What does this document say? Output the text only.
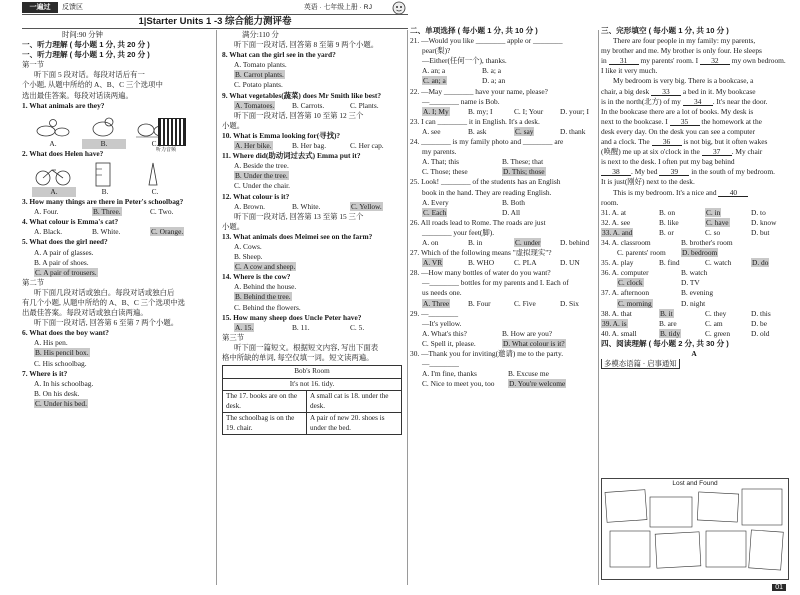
一遍过	反馈区	英语 · 七年级上册 · RJ
1|Starter Units 1 -3 综合能力测评卷
时间:90 分钟
一、听力理解 ( 每小题 1 分, 共 20 分 )
一、听力理解 ( 每小题 1 分, 共 20 分 )
第一节
听下面 5 段对话。每段对话后有一
个小题, 从题中所给的 A、B、C 三个选项中
选出最佳答案。每段对话读两遍。
1. What animals are they?
A.	B.	C.
2. What does Helen have?
A.	B.	C.
3. How many things are there in Peter's schoolbag?
A. Four.	B. Three.	C. Two.
4. What colour is Emma's cat?
A. Black.	B. White.	C. Orange.
5. What does the girl need?
A. A pair of glasses.
B. A pair of shoes.
C. A pair of trousers.
第二节
听下面几段对话或独白。每段对话或独白后
有几个小题, 从题中所给的 A、B、C 三个选项中选
出最佳答案。每段对话或独白读两遍。
听下面一段对话, 回答第 6 至第 7 两个小题。
6. What does the boy want?
A. His pen.
B. His pencil box.
C. His schoolbag.
7. Where is it?
A. In his schoolbag.
B. On his desk.
C. Under his bed.
听力音频
满分:110 分
听下面一段对话, 回答第 8 至第 9 两个小题。
8. What can the girl see in the yard?
A. Tomato plants.
B. Carrot plants.
C. Potato plants.
9. What vegetables(蔬菜) does Mr Smith like best?
A. Tomatoes. B. Carrots.	C. Plants.
听下面一段对话, 回答第 10 至第 12 三个
小题。
10. What is Emma looking for(寻找)?
A. Her bike.	B. Her bag.	C. Her cap.
11. Where did(助动词过去式) Emma put it?
A. Beside the tree.
B. Under the tree.
C. Under the chair.
12. What colour is it?
A. Brown.	B. White.	C. Yellow.
听下面一段对话, 回答第 13 至第 15 三个
小题。
13. What animals does Meimei see on the farm?
A. Cows.
B. Sheep.
C. A cow and sheep.
14. Where is the cow?
A. Behind the house.
B. Behind the tree.
C. Behind the flowers.
15. How many sheep does Uncle Peter have?
A. 15.	B. 11.	C. 5.
第三节
听下面一篇短文。根据短文内容, 写出下面表
格中所缺的单词, 每空仅填一词。短文读两遍。
Bob's Room	
It's not 16. tidy.	
The 17. books are on the desk.	A small cat is 18. under the desk.
The schoolbag is on the 19. chair.	A pair of new 20. shoes is under the bed.
二、单项选择 ( 每小题 1 分, 共 10 分 )
21. —Would you like ________ apple or ________
pear(梨)?
—Either(任何一个), thanks.
A. an; a	B. a; a
C. an; a	D. a; an
22. —May ________ have your name, please?
—________ name is Bob.
A. I; My	B. my; I	C. I; Your D. your; I
23. I can ________ it in English. It's a desk.
A. see	B. ask	C. say	D. thank
24. ________ is my family photo and ________ are
my parents.
A. That; this	B. These; that
C. Those; these	D. This; those
25. Look! ________ of the students has an English
book in the hand. They are reading English.
A. Every	B. Both
C. Each	D. All
26. All roads lead to Rome. The roads are just
________ your feet(脚).
A. on	B. in	C. under	D. behind
27. Which of the following means "虚拟现实"?
A. VR	B. WHO	C. PLA	D. UN
28. —How many bottles of water do you want?
—________ bottles for my parents and I. Each of
us needs one.
A. Three	B. Four	C. Five	D. Six
29. —________
—It's yellow.
A. What's this?	B. How are you?
C. Spell it, please.	D. What colour is it?
30. —Thank you for inviting(邀请) me to the party.
—________
A. I'm fine, thanks	B. Excuse me
C. Nice to meet you, too D. You're welcome
三、完形填空 ( 每小题 1 分, 共 10 分 )
There are four people in my family: my parents,
my brother and me. My brother is only four. He sleeps
in 31 my parents' room. I 32 my own bedroom.
I like it very much.
My bedroom is very big. There is a bookcase, a
chair, a big desk 33 a bed in it. My bookcase
is in the north(北方) of my 34 . It's near the door.
In the bookcase there are a lot of books. My desk is
next to the bookcase. I 35 the homework at the
desk every day. On the desk you can see a computer
and a clock. The 36 is not big, but it often wakes
(唤醒) me up at six o'clock in the 37 . My chair
is next to the desk. I often put my bag behind
38 . My bed 39 in the south of my bedroom.
It is just(刚好) next to the desk.
This is my bedroom. It's a nice and 40
room.
31. A. at	B. on	C. in	D. to
32. A. see	B. like	C. have	D. know
33. A. and	B. or	C. so	D. but
34. A. classroom	B. brother's room
C. parents' room D. bedroom
35. A. play	B. find	C. watch	D. do
36. A. computer	B. watch
C. clock	D. TV
37. A. afternoon	B. evening
C. morning	D. night
38. A. that	B. it	C. they	D. this
39. A. is	B. are	C. am	D. be
40. A. small	B. tidy	C. green	D. old
四、阅读理解 ( 每小题 2 分, 共 30 分 )
A
多模态语篇 · 启事通知
Lost and Found
01
